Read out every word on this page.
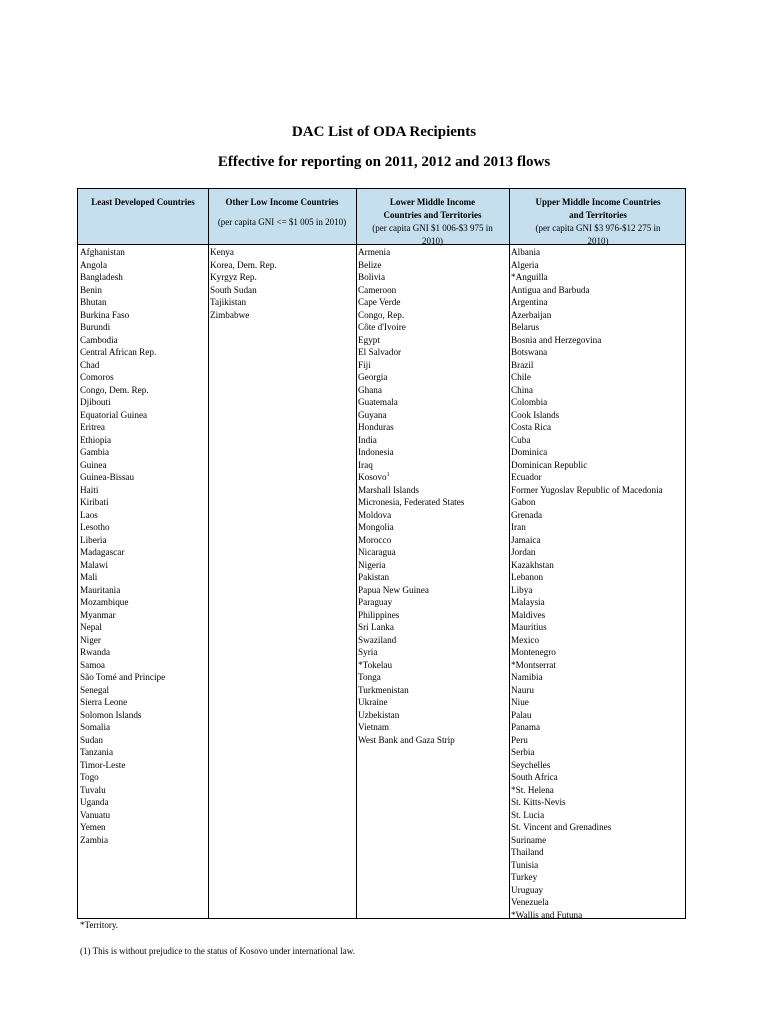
DAC List of ODA Recipients
Effective for reporting on 2011, 2012 and 2013 flows
Least Developed Countries	Other Low Income Countries
(per capita GNI <= $1 005 in 2010)
Lower Middle Income Countries and Territories
(per capita GNI $1 006-$3 975 in 2010)
Upper Middle Income Countries and Territories
(per capita GNI $3 976-$12 275 in 2010)
Afghanistan
Angola
Bangladesh
Benin
Bhutan
Burkina Faso
Burundi
Cambodia
Central African Rep.
Chad
Comoros
Congo, Dem. Rep.
Djibouti
Equatorial Guinea
Eritrea
Ethiopia
Gambia
Guinea
Guinea-Bissau
Haiti
Kiribati
Laos
Lesotho
Liberia
Madagascar
Malawi
Mali
Mauritania
Mozambique
Myanmar
Nepal
Niger
Rwanda
Samoa
São Tomé and Principe
Senegal
Sierra Leone
Solomon Islands
Somalia
Sudan
Tanzania
Timor-Leste
Togo
Tuvalu
Uganda
Vanuatu
Yemen
Zambia
Kenya
Korea, Dem. Rep.
Kyrgyz Rep.
South Sudan
Tajikistan
Zimbabwe
Armenia
Belize
Bolivia
Cameroon
Cape Verde
Congo, Rep.
Côte d'Ivoire
Egypt
El Salvador
Fiji
Georgia
Ghana
Guatemala
Guyana
Honduras
India
Indonesia
Iraq
Kosovo$^1$
Marshall Islands
Micronesia, Federated States
Moldova
Mongolia
Morocco
Nicaragua
Nigeria
Pakistan
Papua New Guinea
Paraguay
Philippines
Sri Lanka
Swaziland
Syria
*Tokelau
Tonga
Turkmenistan
Ukraine
Uzbekistan
Vietnam
West Bank and Gaza Strip
Albania
Algeria
*Anguilla
Antigua and Barbuda
Argentina
Azerbaijan
Belarus
Bosnia and Herzegovina
Botswana
Brazil
Chile
China
Colombia
Cook Islands
Costa Rica
Cuba
Dominica
Dominican Republic
Ecuador
Former Yugoslav Republic of Macedonia
Gabon
Grenada
Iran
Jamaica
Jordan
Kazakhstan
Lebanon
Libya
Malaysia
Maldives
Mauritius
Mexico
Montenegro
*Montserrat
Namibia
Nauru
Niue
Palau
Panama
Peru
Serbia
Seychelles
South Africa
*St. Helena
St. Kitts-Nevis
St. Lucia
St. Vincent and Grenadines
Suriname
Thailand
Tunisia
Turkey
Uruguay
Venezuela
*Wallis and Futuna
*Territory.
(1) This is without prejudice to the status of Kosovo under international law.
